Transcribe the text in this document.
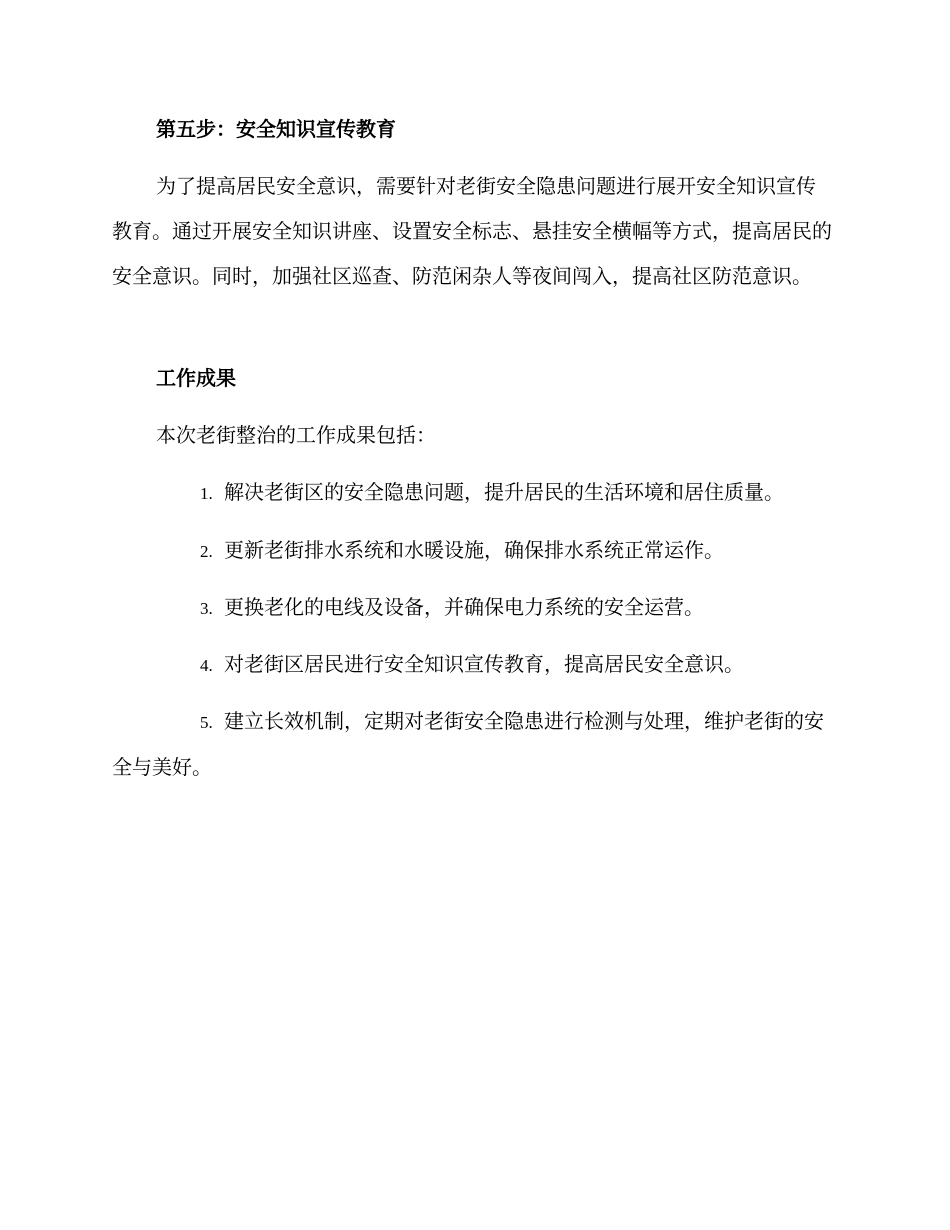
第五步：安全知识宣传教育

为了提高居民安全意识，需要针对老街安全隐患问题进行展开安全知识宣传教育。通过开展安全知识讲座、设置安全标志、悬挂安全横幅等方式，提高居民的安全意识。同时，加强社区巡查、防范闲杂人等夜间闯入，提高社区防范意识。

工作成果

本次老街整治的工作成果包括：

1. 解决老街区的安全隐患问题，提升居民的生活环境和居住质量。

2. 更新老街排水系统和水暖设施，确保排水系统正常运作。

3. 更换老化的电线及设备，并确保电力系统的安全运营。

4. 对老街区居民进行安全知识宣传教育，提高居民安全意识。

5. 建立长效机制，定期对老街安全隐患进行检测与处理，维护老街的安全与美好。
